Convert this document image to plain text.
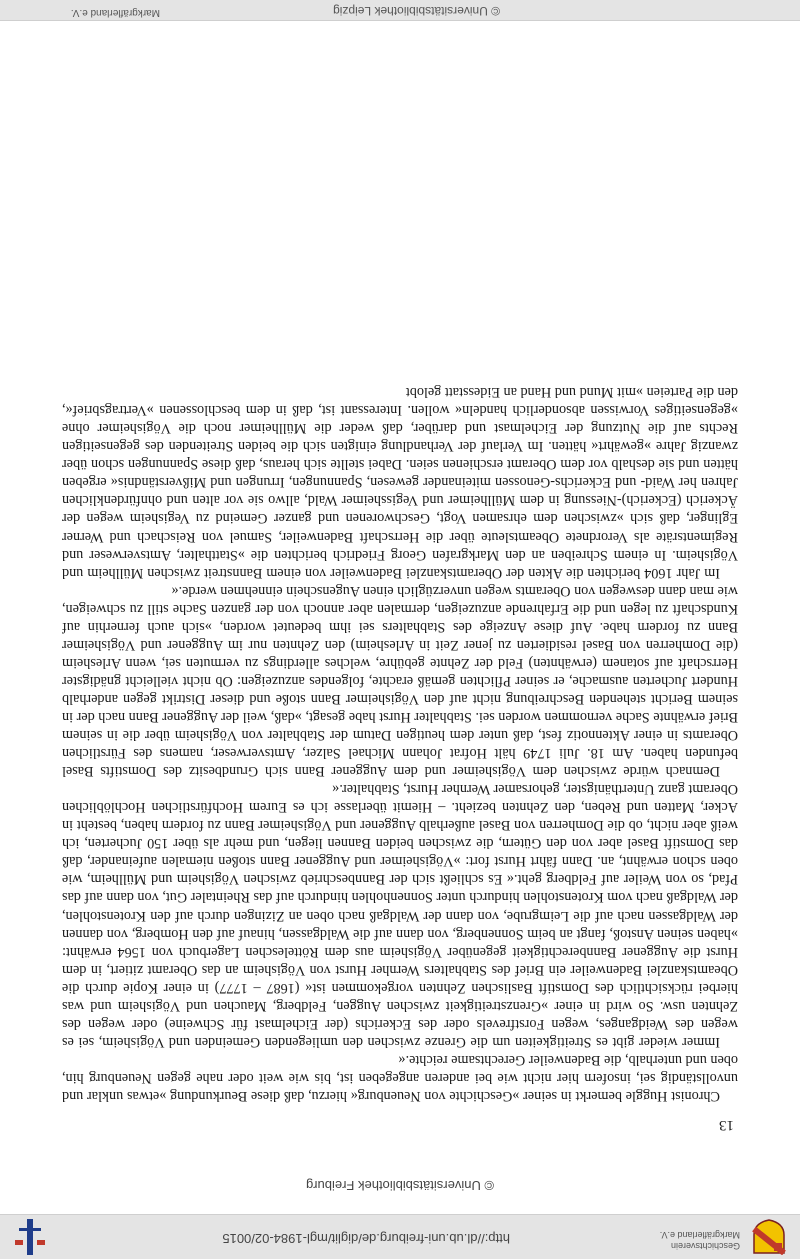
Geschichtsverein Markgräflerland e.V.
http://dl.ub.uni-freiburg.de/diglit/mgl-1984-02/0015
© Universitätsbibliothek Freiburg
13

Chronist Huggle bemerkt in seiner »Geschichte von Neuenburg« hierzu, daß diese Beurkundung »etwas unklar und unvollständig sei, insofern hier nicht wie bei anderen angegeben ist, bis wie weit oder nahe gegen Neuenburg hin, oben und unterhalb, die Badenweiler Gerechtsame reichte.«

Immer wieder gibt es Streitigkeiten um die Grenze zwischen den umliegenden Gemeinden und Vögisheim, sei es wegen des Weidganges, wegen Forstfrevels oder des Eckerichs (der Eichelmast für Schweine) oder wegen des Zehnten usw. So wird in einer »Grenzstreitigkeit zwischen Auggen, Feldberg, Mauchen und Vögisheim und was hierbei rücksichtlich des Domstift Baslischen Zehnten vorgekommen ist« (1687 – 1777) in einer Kopie durch die Obeamtskanzlei Badenweiler ein Brief des Stabhalters Wernher Hurst von Vögisheim an das Oberamt zitiert, in dem Hurst die Auggener Bannberechtigkeit gegenüber Vögisheim aus dem Rötteleschen Lagerbuch von 1564 erwähnt: »haben seinen Anstoß, fangt an beim Sonnenberg, von dann auf die Waldgassen, hinauf auf den Homberg, von dannen der Waldgassen nach auf die Leimgrube, von dann der Waldgaß nach oben an Zizingen durch auf den Krotenstohlen, der Waldgaß nach vom Krotenstohlen hindurch unter Sonnenhohlen hindurch auf das Rheintaler Gut, von dann auf das Pfad, so von Weiler auf Feldberg geht.« Es schließt sich der Bannbeschrieb zwischen Vögisheim und Müllheim, wie oben schon erwähnt, an. Dann fährt Hurst fort: »Vögisheimer und Auggener Bann stoßen niemalen aufeinander, daß das Domstift Basel aber von den Gütern, die zwischen beiden Bannen liegen, und mehr als über 150 Jucherten, ich weiß aber nicht, ob die Domherren von Basel außerhalb Auggener und Vögisheimer Bann zu fordern haben, besteht in Acker, Matten und Reben, den Zehnten bezieht. – Hiemit überlasse ich es Eurem Hochfürstlichen Hochlöblichen Oberamt ganz Unterthänigster, gehorsamer Wernher Hurst, Stabhalter.«

Demnach würde zwischen dem Vögisheimer und dem Auggener Bann sich Grundbesitz des Domstifts Basel befunden haben. Am 18. Juli 1749 hält Hofrat Johann Michael Salzer, Amtsverweser, namens des Fürstlichen Oberamts in einer Aktennotiz fest, daß unter dem heutigen Datum der Stabhalter von Vögisheim über die in seinem Brief erwähnte Sache vernommen worden sei. Stabhalter Hurst habe gesagt, »daß, weil der Auggener Bann nach der in seinem Bericht stehenden Beschreibung nicht auf den Vögisheimer Bann stoße und dieser Distrikt gegen anderhalb Hundert Jucherten ausmache, er seiner Pflichten gemäß erachte, folgendes anzuzeigen: Ob nicht vielleicht gnädigster Herrschaft auf sotanem (erwähnten) Feld der Zehnte gebühre, welches allerdings zu vermuten sei, wenn Arlesheim (die Domherren von Basel residierten zu jener Zeit in Arlesheim) den Zehnten nur im Auggener und Vögisheimer Bann zu fordern habe. Auf diese Anzeige des Stabhalters sei ihm bedeutet worden, »sich auch fernerhin auf Kundschaft zu legen und die Erfahrende anzuzeigen, dermalen aber annoch von der ganzen Sache still zu schweigen, wie man dann deswegen von Oberamts wegen unverzüglich einen Augenschein einnehmen werde.«

Im Jahr 1604 berichten die Akten der Oberamtskanzlei Badenweiler von einem Bannstreit zwischen Müllheim und Vögisheim. In einem Schreiben an den Markgrafen Georg Friedrich berichten die »Statthalter, Amtsverweser und Regimentsräte als Verordnete Obeamtsleute über die Herrschaft Badenweiler, Samuel von Reischach und Werner Eglinger, daß sich »zwischen dem ehrsamen Vogt, Geschworenen und ganzer Gemeind zu Vegisheim wegen der Äckerich (Eckerich)-Niessung in dem Müllheimer und Vegissheimer Wald, allwo sie vor alten und ohnfürdenklichen Jahren her Waid- und Eckerichs-Genossen miteinander gewesen, Spannungen, Irrungen und Mißverständnis« ergeben hätten und sie deshalb vor dem Oberamt erschienen seien. Dabei stellte sich heraus, daß diese Spannungen schon über zwanzig Jahre »gewährt« hätten. Im Verlauf der Verhandlung einigten sich die beiden Streitenden des gegenseitigen Rechts auf die Nutzung der Eichelmast und darüber, daß weder die Müllheimer noch die Vögisheimer ohne »gegenseitiges Vorwissen absonderlich handeln« wollen. Interessant ist, daß in dem beschlossenen »Vertragsbrief«, den die Parteien »mit Mund und Hand an Eidesstatt gelobt

© Universitätsbibliothek Leipzig
Markgräflerland e.V.
